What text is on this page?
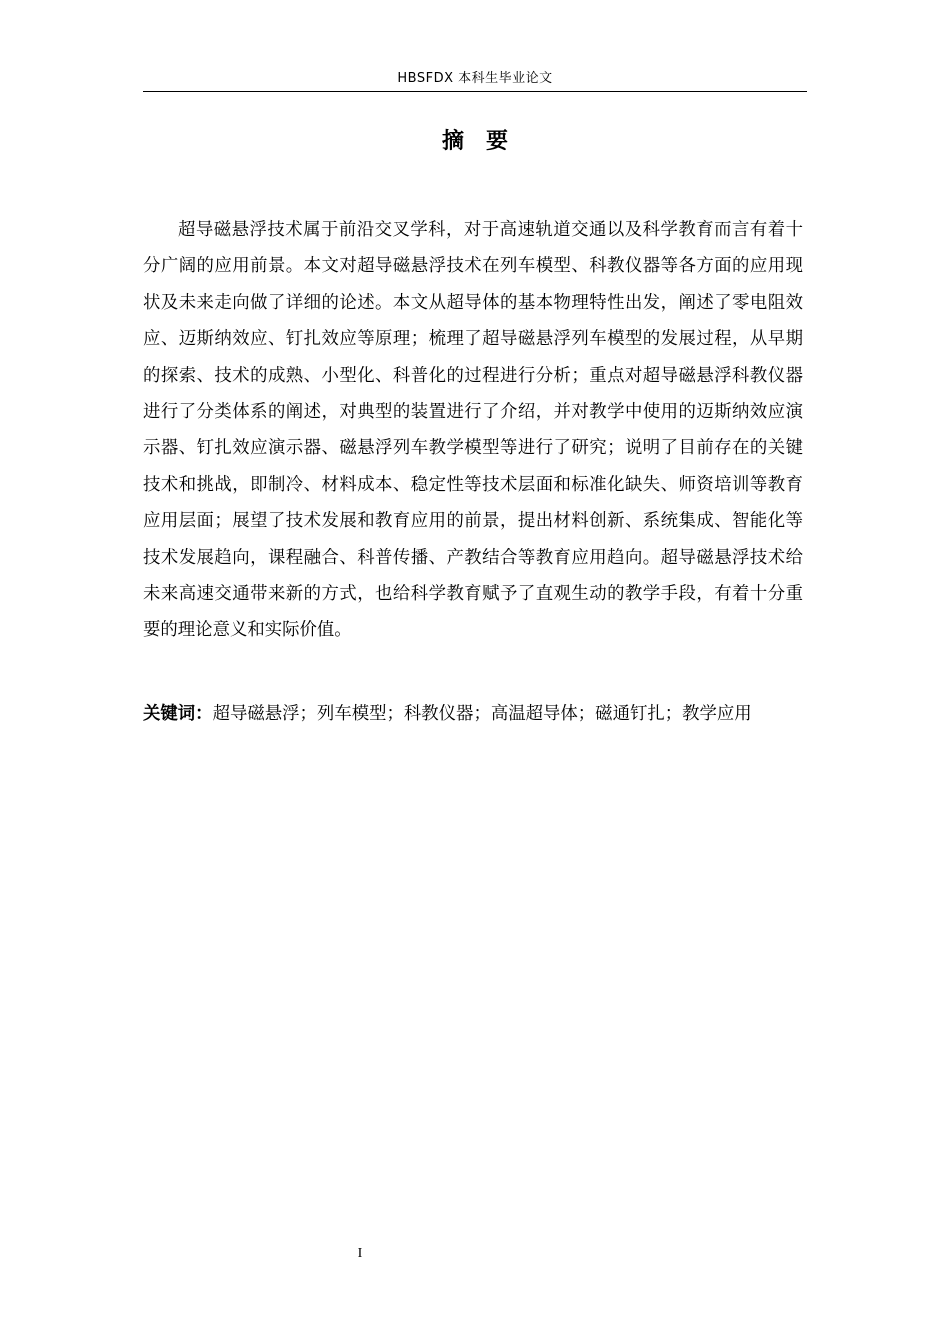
HBSFDX 本科生毕业论文
摘要

超导磁悬浮技术属于前沿交叉学科，对于高速轨道交通以及科学教育而言有着十分广阔的应用前景。本文对超导磁悬浮技术在列车模型、科教仪器等各方面的应用现状及未来走向做了详细的论述。本文从超导体的基本物理特性出发，阐述了零电阻效应、迈斯纳效应、钉扎效应等原理；梳理了超导磁悬浮列车模型的发展过程，从早期的探索、技术的成熟、小型化、科普化的过程进行分析；重点对超导磁悬浮科教仪器进行了分类体系的阐述，对典型的装置进行了介绍，并对教学中使用的迈斯纳效应演示器、钉扎效应演示器、磁悬浮列车教学模型等进行了研究；说明了目前存在的关键技术和挑战，即制冷、材料成本、稳定性等技术层面和标准化缺失、师资培训等教育应用层面；展望了技术发展和教育应用的前景，提出材料创新、系统集成、智能化等技术发展趋向，课程融合、科普传播、产教结合等教育应用趋向。超导磁悬浮技术给未来高速交通带来新的方式，也给科学教育赋予了直观生动的教学手段，有着十分重要的理论意义和实际价值。

关键词：超导磁悬浮；列车模型；科教仪器；高温超导体；磁通钉扎；教学应用

I
